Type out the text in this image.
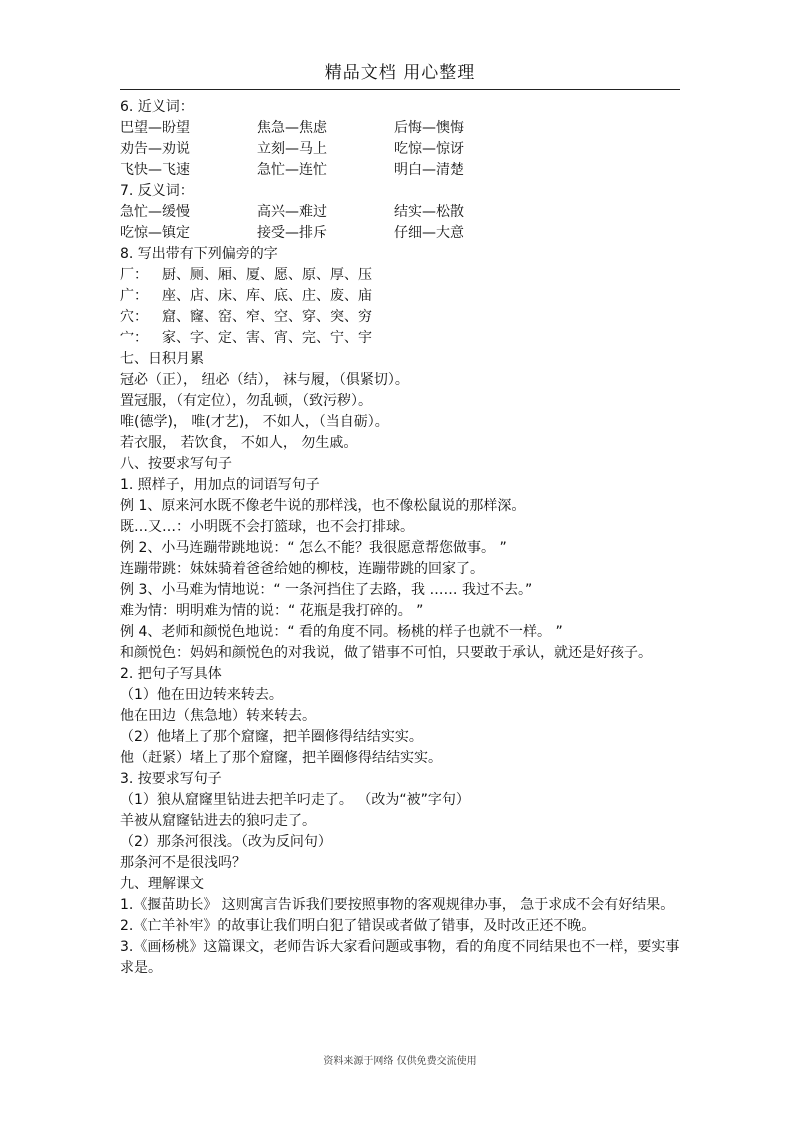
精品文档 用心整理
6. 近义词：
巴望—盼望	焦急—焦虑	后悔—懊悔
劝告—劝说	立刻—马上	吃惊—惊讶
飞快—飞速	急忙—连忙	明白—清楚
7. 反义词：
急忙—缓慢	高兴—难过	结实—松散
吃惊—镇定	接受—排斥	仔细—大意
8. 写出带有下列偏旁的字
厂：	厨、厕、厢、厦、愿、原、厚、压
广：	座、店、床、库、底、庄、废、庙
穴：	窟、窿、窑、窄、空、穿、突、穷
宀：	家、字、定、害、宵、完、宁、宇
七、日积月累
冠必（正）， 纽必（结）， 袜与履，（俱紧切）。
置冠服，（有定位），勿乱顿，（致污秽）。
唯(德学)， 唯(才艺)， 不如人，（当自砺）。
若衣服， 若饮食， 不如人， 勿生戚。
八、按要求写句子
1. 照样子，用加点的词语写句子
例 1、原来河水既不像老牛说的那样浅，也不像松鼠说的那样深。
既…又…：小明既不会打篮球，也不会打排球。
例 2、小马连蹦带跳地说：“ 怎么不能？我很愿意帮您做事。 ”
连蹦带跳：妹妹骑着爸爸给她的柳枝，连蹦带跳的回家了。
例 3、小马难为情地说：“ 一条河挡住了去路，我 …… 我过不去。”
难为情：明明难为情的说：“ 花瓶是我打碎的。 ”
例 4、老师和颜悦色地说：“ 看的角度不同。杨桃的样子也就不一样。 ”
和颜悦色：妈妈和颜悦色的对我说，做了错事不可怕，只要敢于承认，就还是好孩子。
2. 把句子写具体
（1）他在田边转来转去。
他在田边（焦急地）转来转去。
（2）他堵上了那个窟窿，把羊圈修得结结实实。
他（赶紧）堵上了那个窟窿，把羊圈修得结结实实。
3. 按要求写句子
（1）狼从窟窿里钻进去把羊叼走了。 （改为“被”字句）
羊被从窟窿钻进去的狼叼走了。
（2）那条河很浅。（改为反问句）
那条河不是很浅吗？
九、理解课文
1.《揠苗助长》 这则寓言告诉我们要按照事物的客观规律办事， 急于求成不会有好结果。
2.《亡羊补牢》的故事让我们明白犯了错误或者做了错事，及时改正还不晚。
3.《画杨桃》这篇课文，老师告诉大家看问题或事物，看的角度不同结果也不一样，要实事求是。
资料来源于网络 仅供免费交流使用
